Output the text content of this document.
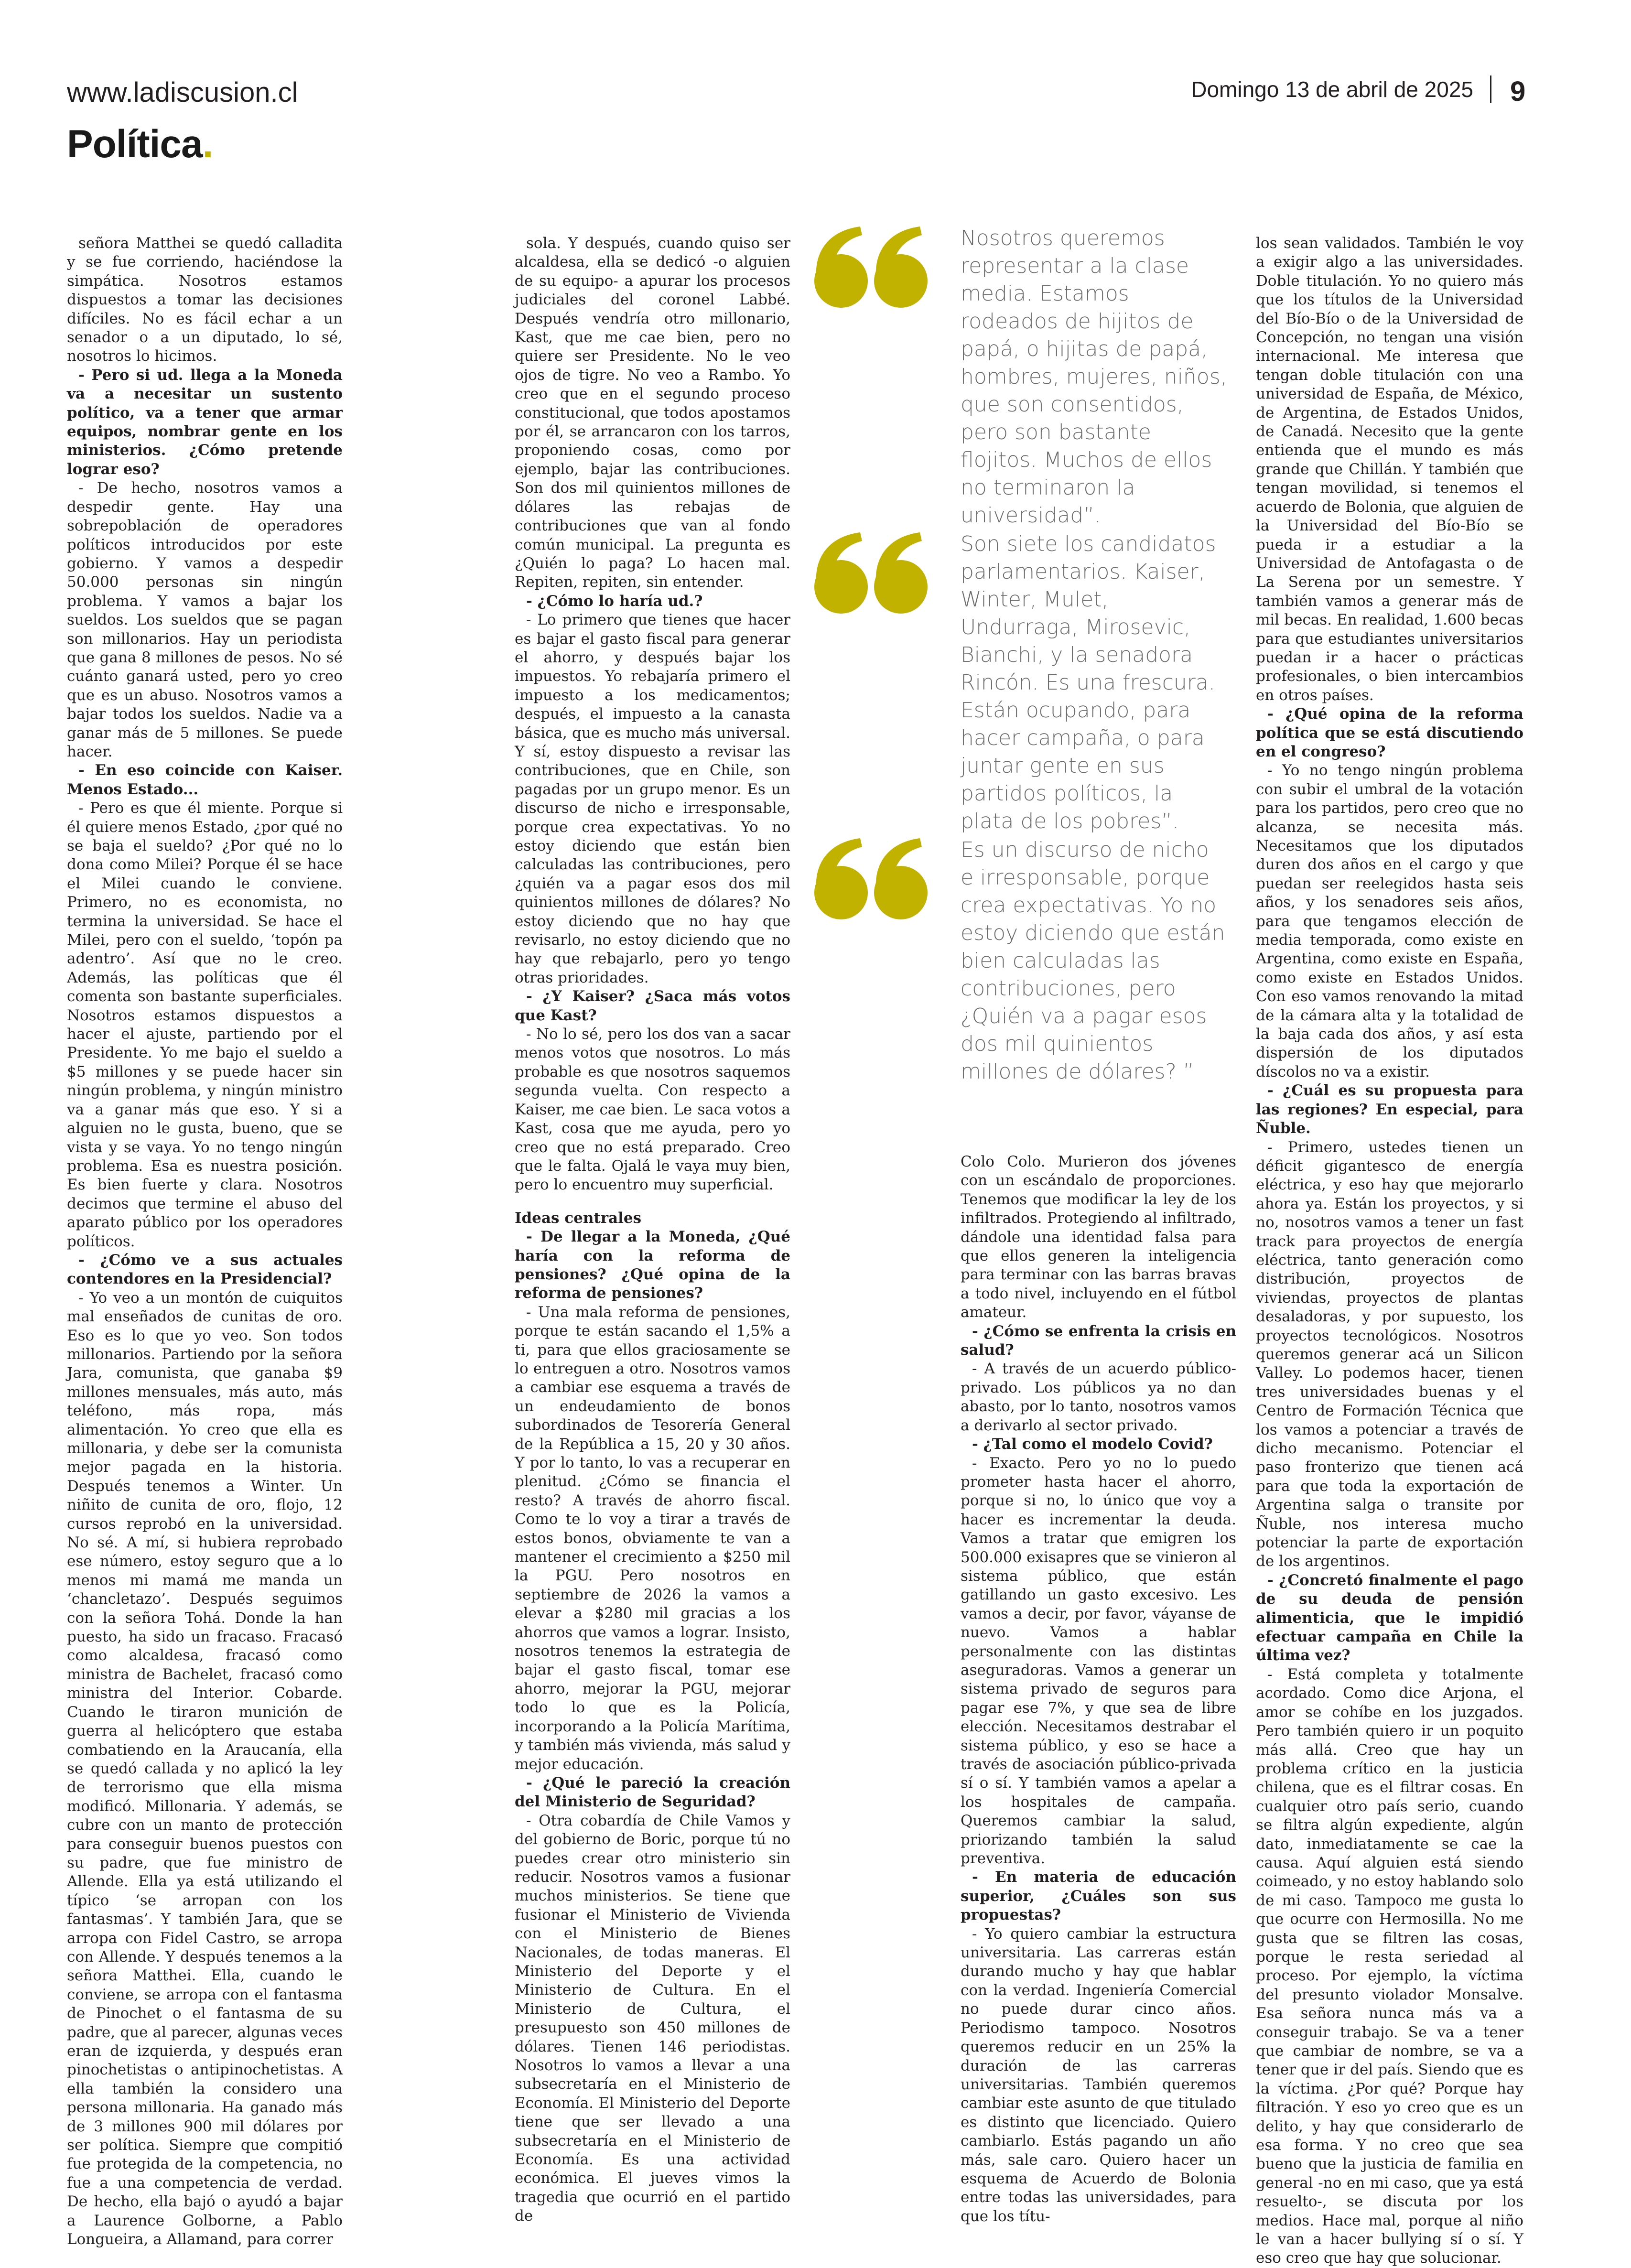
www.ladiscusion.cl	Domingo 13 de abril de 2025 9
Política.

señora Matthei se quedó calladita y se fue corriendo, haciéndose la simpática. Nosotros estamos dispuestos a tomar las decisiones difíciles. No es fácil echar a un senador o a un diputado, lo sé, nosotros lo hicimos.

- Pero si ud. llega a la Moneda va a necesitar un sustento político, va a tener que armar equipos, nombrar gente en los ministerios. ¿Cómo pretende lograr eso?

- De hecho, nosotros vamos a despedir gente. Hay una sobrepoblación de operadores políticos introducidos por este gobierno. Y vamos a despedir 50.000 personas sin ningún problema. Y vamos a bajar los sueldos. Los sueldos que se pagan son millonarios. Hay un periodista que gana 8 millones de pesos. No sé cuánto ganará usted, pero yo creo que es un abuso. Nosotros vamos a bajar todos los sueldos. Nadie va a ganar más de 5 millones. Se puede hacer.

- En eso coincide con Kaiser. Menos Estado...

- Pero es que él miente. Porque si él quiere menos Estado, ¿por qué no se baja el sueldo? ¿Por qué no lo dona como Milei? Porque él se hace el Milei cuando le conviene. Primero, no es economista, no termina la universidad. Se hace el Milei, pero con el sueldo, ‘topón pa adentro’. Así que no le creo. Además, las políticas que él comenta son bastante superficiales. Nosotros estamos dispuestos a hacer el ajuste, partiendo por el Presidente. Yo me bajo el sueldo a $5 millones y se puede hacer sin ningún problema, y ningún ministro va a ganar más que eso. Y si a alguien no le gusta, bueno, que se vista y se vaya. Yo no tengo ningún problema. Esa es nuestra posición. Es bien fuerte y clara. Nosotros decimos que termine el abuso del aparato público por los operadores políticos.

- ¿Cómo ve a sus actuales contendores en la Presidencial?

- Yo veo a un montón de cuiquitos mal enseñados de cunitas de oro. Eso es lo que yo veo. Son todos millonarios. Partiendo por la señora Jara, comunista, que ganaba $9 millones mensuales, más auto, más teléfono, más ropa, más alimentación. Yo creo que ella es millonaria, y debe ser la comunista mejor pagada en la historia. Después tenemos a Winter. Un niñito de cunita de oro, flojo, 12 cursos reprobó en la universidad. No sé. A mí, si hubiera reprobado ese número, estoy seguro que a lo menos mi mamá me manda un ‘chancletazo’. Después seguimos con la señora Tohá. Donde la han puesto, ha sido un fracaso. Fracasó como alcaldesa, fracasó como ministra de Bachelet, fracasó como ministra del Interior. Cobarde. Cuando le tiraron munición de guerra al helicóptero que estaba combatiendo en la Araucanía, ella se quedó callada y no aplicó la ley de terrorismo que ella misma modificó. Millonaria. Y además, se cubre con un manto de protección para conseguir buenos puestos con su padre, que fue ministro de Allende. Ella ya está utilizando el típico ‘se arropan con los fantasmas’. Y también Jara, que se arropa con Fidel Castro, se arropa con Allende. Y después tenemos a la señora Matthei. Ella, cuando le conviene, se arropa con el fantasma de Pinochet o el fantasma de su padre, que al parecer, algunas veces eran de izquierda, y después eran pinochetistas o antipinochetistas. A ella también la considero una persona millonaria. Ha ganado más de 3 millones 900 mil dólares por ser política. Siempre que compitió fue protegida de la competencia, no fue a una competencia de verdad. De hecho, ella bajó o ayudó a bajar a Laurence Golborne, a Pablo Longueira, a Allamand, para correr

sola. Y después, cuando quiso ser alcaldesa, ella se dedicó -o alguien de su equipo- a apurar los procesos judiciales del coronel Labbé. Después vendría otro millonario, Kast, que me cae bien, pero no quiere ser Presidente. No le veo ojos de tigre. No veo a Rambo. Yo creo que en el segundo proceso constitucional, que todos apostamos por él, se arrancaron con los tarros, proponiendo cosas, como por ejemplo, bajar las contribuciones. Son dos mil quinientos millones de dólares las rebajas de contribuciones que van al fondo común municipal. La pregunta es ¿Quién lo paga? Lo hacen mal. Repiten, repiten, sin entender.

- ¿Cómo lo haría ud.?

- Lo primero que tienes que hacer es bajar el gasto fiscal para generar el ahorro, y después bajar los impuestos. Yo rebajaría primero el impuesto a los medicamentos; después, el impuesto a la canasta básica, que es mucho más universal. Y sí, estoy dispuesto a revisar las contribuciones, que en Chile, son pagadas por un grupo menor. Es un discurso de nicho e irresponsable, porque crea expectativas. Yo no estoy diciendo que están bien calculadas las contribuciones, pero ¿quién va a pagar esos dos mil quinientos millones de dólares? No estoy diciendo que no hay que revisarlo, no estoy diciendo que no hay que rebajarlo, pero yo tengo otras prioridades.

- ¿Y Kaiser? ¿Saca más votos que Kast?

- No lo sé, pero los dos van a sacar menos votos que nosotros. Lo más probable es que nosotros saquemos segunda vuelta. Con respecto a Kaiser, me cae bien. Le saca votos a Kast, cosa que me ayuda, pero yo creo que no está preparado. Creo que le falta. Ojalá le vaya muy bien, pero lo encuentro muy superficial.

Ideas centrales

- De llegar a la Moneda, ¿Qué haría con la reforma de pensiones? ¿Qué opina de la reforma de pensiones?

- Una mala reforma de pensiones, porque te están sacando el 1,5% a ti, para que ellos graciosamente se lo entreguen a otro. Nosotros vamos a cambiar ese esquema a través de un endeudamiento de bonos subordinados de Tesorería General de la República a 15, 20 y 30 años. Y por lo tanto, lo vas a recuperar en plenitud. ¿Cómo se financia el resto? A través de ahorro fiscal. Como te lo voy a tirar a través de estos bonos, obviamente te van a mantener el crecimiento a $250 mil la PGU. Pero nosotros en septiembre de 2026 la vamos a elevar a $280 mil gracias a los ahorros que vamos a lograr. Insisto, nosotros tenemos la estrategia de bajar el gasto fiscal, tomar ese ahorro, mejorar la PGU, mejorar todo lo que es la Policía, incorporando a la Policía Marítima, y también más vivienda, más salud y mejor educación.

- ¿Qué le pareció la creación del Ministerio de Seguridad?

- Otra cobardía de Chile Vamos y del gobierno de Boric, porque tú no puedes crear otro ministerio sin reducir. Nosotros vamos a fusionar muchos ministerios. Se tiene que fusionar el Ministerio de Vivienda con el Ministerio de Bienes Nacionales, de todas maneras. El Ministerio del Deporte y el Ministerio de Cultura. En el Ministerio de Cultura, el presupuesto son 450 millones de dólares. Tienen 146 periodistas. Nosotros lo vamos a llevar a una subsecretaría en el Ministerio de Economía. El Ministerio del Deporte tiene que ser llevado a una subsecretaría en el Ministerio de Economía. Es una actividad económica. El jueves vimos la tragedia que ocurrió en el partido de

Nosotros queremos representar a la clase media. Estamos rodeados de hijitos de papá, o hijitas de papá, hombres, mujeres, niños, que son consentidos, pero son bastante flojitos. Muchos de ellos no terminaron la universidad”.
Son siete los candidatos parlamentarios. Kaiser, Winter, Mulet, Undurraga, Mirosevic, Bianchi, y la senadora Rincón. Es una frescura. Están ocupando, para hacer campaña, o para juntar gente en sus partidos políticos, la plata de los pobres”.
Es un discurso de nicho e irresponsable, porque crea expectativas. Yo no estoy diciendo que están bien calculadas las contribuciones, pero ¿Quién va a pagar esos dos mil quinientos millones de dólares? ”

Colo Colo. Murieron dos jóvenes con un escándalo de proporciones. Tenemos que modificar la ley de los infiltrados. Protegiendo al infiltrado, dándole una identidad falsa para que ellos generen la inteligencia para terminar con las barras bravas a todo nivel, incluyendo en el fútbol amateur.

- ¿Cómo se enfrenta la crisis en salud?

- A través de un acuerdo público-privado. Los públicos ya no dan abasto, por lo tanto, nosotros vamos a derivarlo al sector privado.

- ¿Tal como el modelo Covid?

- Exacto. Pero yo no lo puedo prometer hasta hacer el ahorro, porque si no, lo único que voy a hacer es incrementar la deuda. Vamos a tratar que emigren los 500.000 exisapres que se vinieron al sistema público, que están gatillando un gasto excesivo. Les vamos a decir, por favor, váyanse de nuevo. Vamos a hablar personalmente con las distintas aseguradoras. Vamos a generar un sistema privado de seguros para pagar ese 7%, y que sea de libre elección. Necesitamos destrabar el sistema público, y eso se hace a través de asociación público-privada sí o sí. Y también vamos a apelar a los hospitales de campaña. Queremos cambiar la salud, priorizando también la salud preventiva.

- En materia de educación superior, ¿Cuáles son sus propuestas?

- Yo quiero cambiar la estructura universitaria. Las carreras están durando mucho y hay que hablar con la verdad. Ingeniería Comercial no puede durar cinco años. Periodismo tampoco. Nosotros queremos reducir en un 25% la duración de las carreras universitarias. También queremos cambiar este asunto de que titulado es distinto que licenciado. Quiero cambiarlo. Estás pagando un año más, sale caro. Quiero hacer un esquema de Acuerdo de Bolonia entre todas las universidades, para que los títu-

los sean validados. También le voy a exigir algo a las universidades. Doble titulación. Yo no quiero más que los títulos de la Universidad del Bío-Bío o de la Universidad de Concepción, no tengan una visión internacional. Me interesa que tengan doble titulación con una universidad de España, de México, de Argentina, de Estados Unidos, de Canadá. Necesito que la gente entienda que el mundo es más grande que Chillán. Y también que tengan movilidad, si tenemos el acuerdo de Bolonia, que alguien de la Universidad del Bío-Bío se pueda ir a estudiar a la Universidad de Antofagasta o de La Serena por un semestre. Y también vamos a generar más de mil becas. En realidad, 1.600 becas para que estudiantes universitarios puedan ir a hacer o prácticas profesionales, o bien intercambios en otros países.

- ¿Qué opina de la reforma política que se está discutiendo en el congreso?

- Yo no tengo ningún problema con subir el umbral de la votación para los partidos, pero creo que no alcanza, se necesita más. Necesitamos que los diputados duren dos años en el cargo y que puedan ser reelegidos hasta seis años, y los senadores seis años, para que tengamos elección de media temporada, como existe en Argentina, como existe en España, como existe en Estados Unidos. Con eso vamos renovando la mitad de la cámara alta y la totalidad de la baja cada dos años, y así esta dispersión de los diputados díscolos no va a existir.

- ¿Cuál es su propuesta para las regiones? En especial, para Ñuble.

- Primero, ustedes tienen un déficit gigantesco de energía eléctrica, y eso hay que mejorarlo ahora ya. Están los proyectos, y si no, nosotros vamos a tener un fast track para proyectos de energía eléctrica, tanto generación como distribución, proyectos de viviendas, proyectos de plantas desaladoras, y por supuesto, los proyectos tecnológicos. Nosotros queremos generar acá un Silicon Valley. Lo podemos hacer, tienen tres universidades buenas y el Centro de Formación Técnica que los vamos a potenciar a través de dicho mecanismo. Potenciar el paso fronterizo que tienen acá para que toda la exportación de Argentina salga o transite por Ñuble, nos interesa mucho potenciar la parte de exportación de los argentinos.

- ¿Concretó finalmente el pago de su deuda de pensión alimenticia, que le impidió efectuar campaña en Chile la última vez?

- Está completa y totalmente acordado. Como dice Arjona, el amor se cohíbe en los juzgados. Pero también quiero ir un poquito más allá. Creo que hay un problema crítico en la justicia chilena, que es el filtrar cosas. En cualquier otro país serio, cuando se filtra algún expediente, algún dato, inmediatamente se cae la causa. Aquí alguien está siendo coimeado, y no estoy hablando solo de mi caso. Tampoco me gusta lo que ocurre con Hermosilla. No me gusta que se filtren las cosas, porque le resta seriedad al proceso. Por ejemplo, la víctima del presunto violador Monsalve. Esa señora nunca más va a conseguir trabajo. Se va a tener que cambiar de nombre, se va a tener que ir del país. Siendo que es la víctima. ¿Por qué? Porque hay filtración. Y eso yo creo que es un delito, y hay que considerarlo de esa forma. Y no creo que sea bueno que la justicia de familia en general -no en mi caso, que ya está resuelto-, se discuta por los medios. Hace mal, porque al niño le van a hacer bullying sí o sí. Y eso creo que hay que solucionar.
